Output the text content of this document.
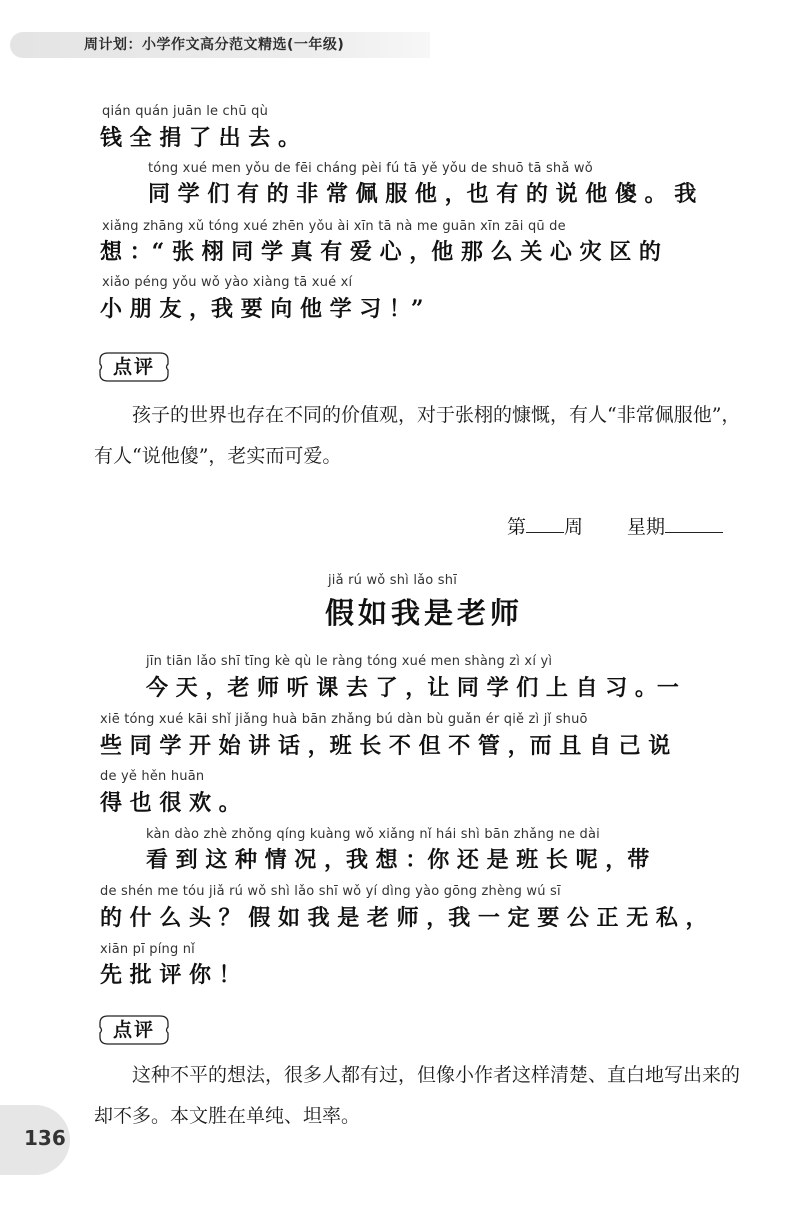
周计划：小学作文高分范文精选(一年级)
qián quán juān le chū qù
钱 全 捐 了 出 去 。
tóng xué men yǒu de fēi cháng pèi fú tā yě yǒu de shuō tā shǎ wǒ
同 学 们 有 的 非 常 佩 服 他 ，也 有 的 说 他 傻 。 我
xiǎng zhāng xǔ tóng xué zhēn yǒu ài xīn tā nà me guān xīn zāi qū de
想 ：“ 张 栩 同 学 真 有 爱 心 ，他 那 么 关 心 灾 区 的
xiǎo péng yǒu wǒ yào xiàng tā xué xí
小 朋 友 ，我 要 向 他 学 习 ！”
点评
孩子的世界也存在不同的价值观，对于张栩的慷慨，有人“非常佩服他”，
有人“说他傻”，老实而可爱。
第 周 星期
jiǎ rú wǒ shì lǎo shī
假如我是老师
jīn tiān lǎo shī tīng kè qù le ràng tóng xué men shàng zì xí yì
今 天 ，老 师 听 课 去 了 ，让 同 学 们 上 自 习 。一
xiē tóng xué kāi shǐ jiǎng huà bān zhǎng bú dàn bù guǎn ér qiě zì jǐ shuō
些 同 学 开 始 讲 话 ，班 长 不 但 不 管 ，而 且 自 己 说
de yě hěn huān
得 也 很 欢 。
kàn dào zhè zhǒng qíng kuàng wǒ xiǎng nǐ hái shì bān zhǎng ne dài
看 到 这 种 情 况 ，我 想 ：你 还 是 班 长 呢 ，带
de shén me tóu jiǎ rú wǒ shì lǎo shī wǒ yí dìng yào gōng zhèng wú sī
的 什 么 头 ？ 假 如 我 是 老 师 ，我 一 定 要 公 正 无 私 ，
xiān pī píng nǐ
先 批 评 你 ！
点评
这种不平的想法，很多人都有过，但像小作者这样清楚、直白地写出来的
却不多。本文胜在单纯、坦率。
136
